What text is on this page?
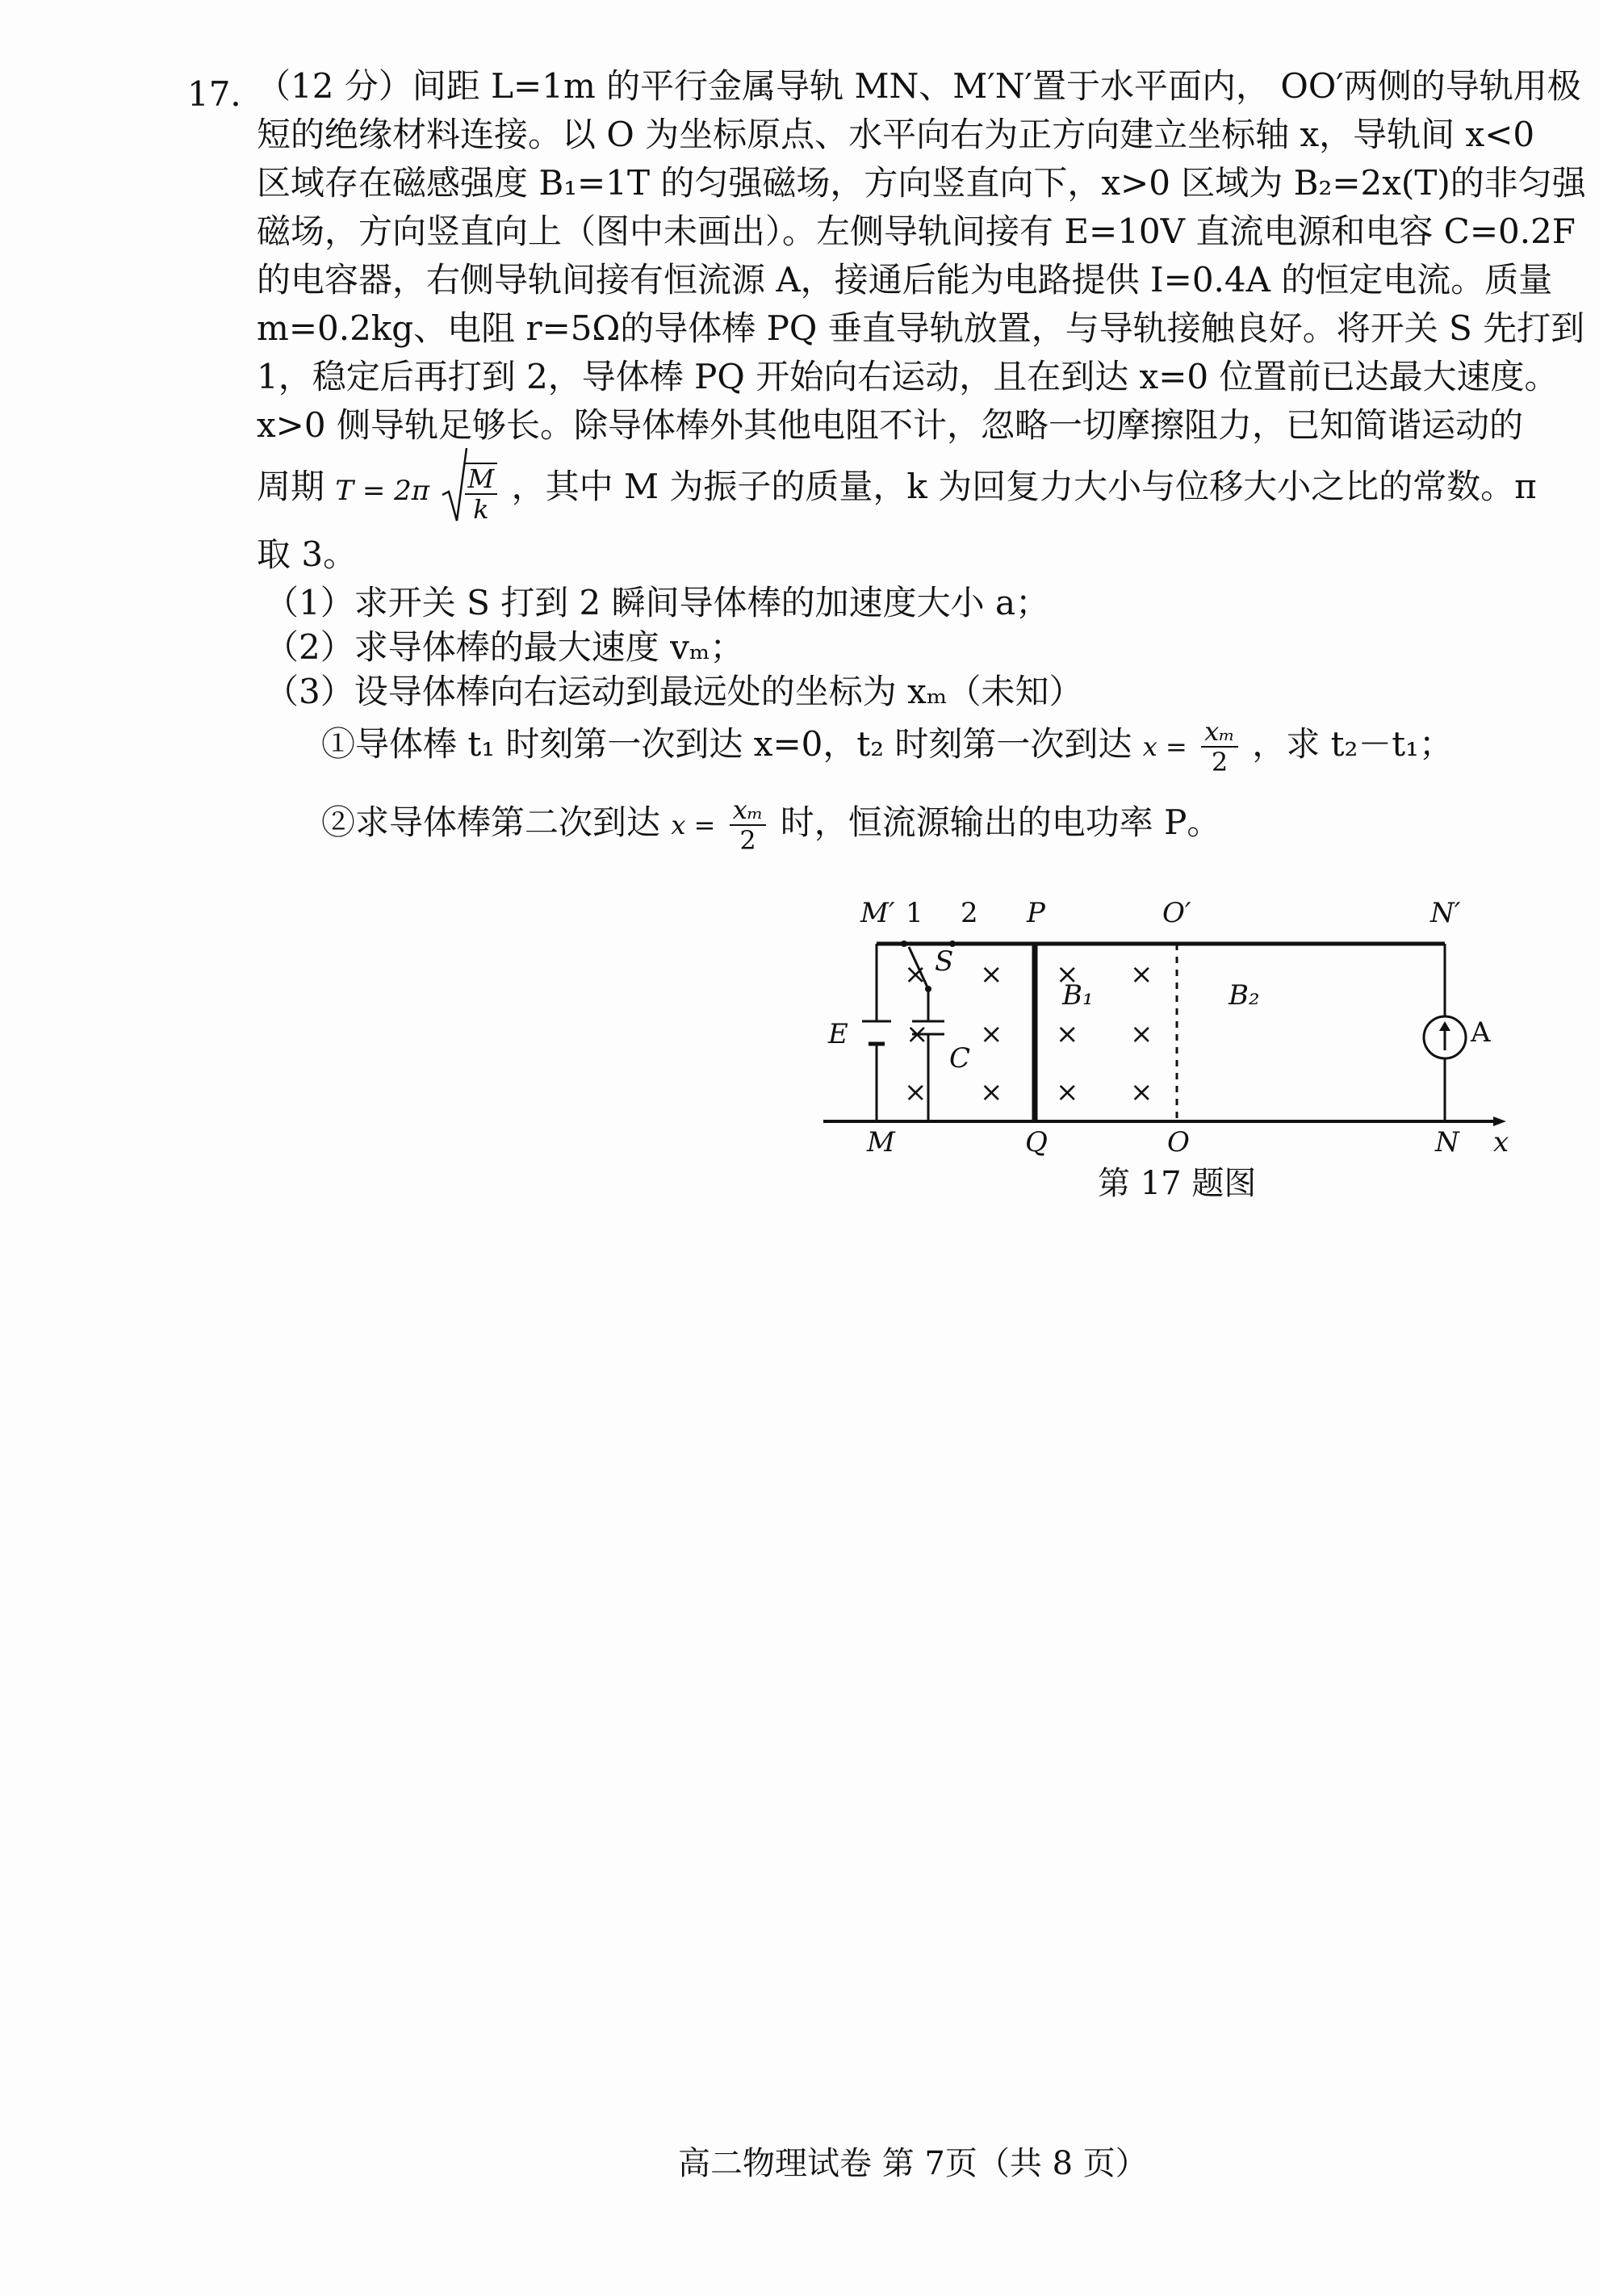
17．
（12 分）间距 L=1m 的平行金属导轨 MN、M′N′置于水平面内， OO′两侧的导轨用极
短的绝缘材料连接。以 O 为坐标原点、水平向右为正方向建立坐标轴 x，导轨间 x<0
区域存在磁感强度 B₁=1T 的匀强磁场，方向竖直向下，x>0 区域为 B₂=2x(T)的非匀强
磁场，方向竖直向上（图中未画出）。左侧导轨间接有 E=10V 直流电源和电容 C=0.2F
的电容器，右侧导轨间接有恒流源 A，接通后能为电路提供 I=0.4A 的恒定电流。质量
m=0.2kg、电阻 r=5Ω的导体棒 PQ 垂直导轨放置，与导轨接触良好。将开关 S 先打到
1，稳定后再打到 2，导体棒 PQ 开始向右运动，且在到达 x=0 位置前已达最大速度。
x>0 侧导轨足够长。除导体棒外其他电阻不计，忽略一切摩擦阻力，已知简谐运动的
周期 $T = 2\pi \frac{M}{k}$ ，其中 M 为振子的质量，k 为回复力大小与位移大小之比的常数。π
取 3。
（1）求开关 S 打到 2 瞬间导体棒的加速度大小 a；
（2）求导体棒的最大速度 vₘ；
（3）设导体棒向右运动到最远处的坐标为 xₘ（未知）
①导体棒 t₁ 时刻第一次到达 x=0，t₂ 时刻第一次到达 $x = \frac{\text{xₘ}}{2}$ ，求 t₂－t₁；
②求导体棒第二次到达 $x = \frac{\text{xₘ}}{2}$ 时，恒流源输出的电功率 P。
M′ 1 2 P	O′	N′
S
B₁	B₂
E
C
A
M	Q	O	N x
× × × ×
× × × ×
× × × ×
第 17 题图
高二物理试卷 第 7页（共 8 页）
